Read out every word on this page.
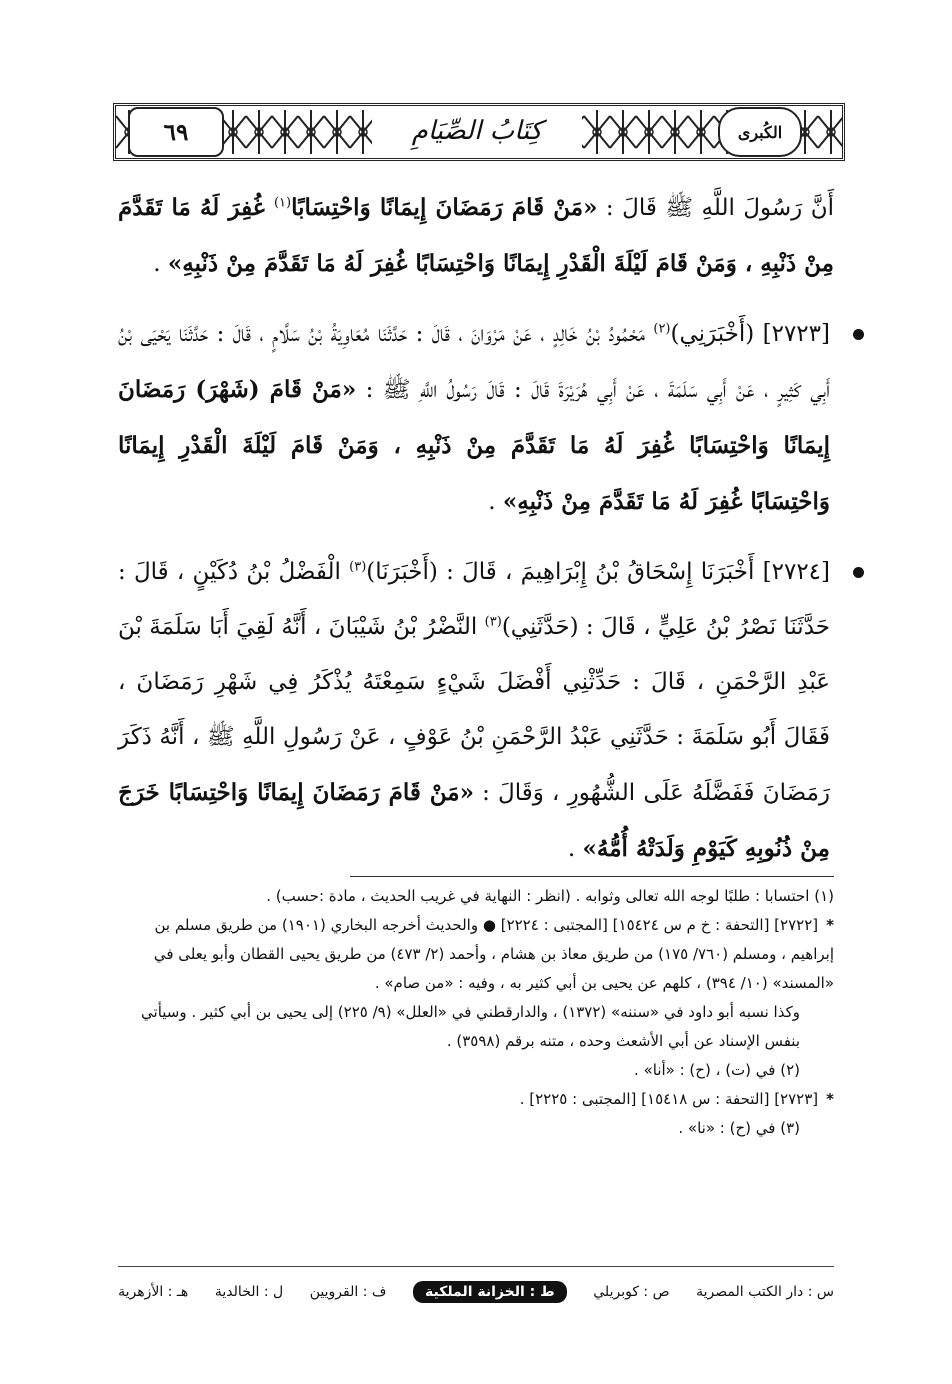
٦٩	كِتَابُ الصِّيَامِ	الكُبرى

أَنَّ رَسُولَ اللَّهِ ﷺ قَالَ : «مَنْ قَامَ رَمَضَانَ إِيمَانًا وَاحْتِسَابًا$^{(١)}$ غُفِرَ لَهُ مَا تَقَدَّمَ مِنْ ذَنْبِهِ ، وَمَنْ قَامَ لَيْلَةَ الْقَدْرِ إِيمَانًا وَاحْتِسَابًا غُفِرَ لَهُ مَا تَقَدَّمَ مِنْ ذَنْبِهِ» .

[٢٧٢٣] (أَخْبَرَنِي)$^{(٢)}$ مَحْمُودُ بْنُ خَالِدٍ ، عَنْ مَرْوَانَ ، قَالَ : حَدَّثَنَا مُعَاوِيَةُ بْنُ سَلَّامٍ ، قَالَ : حَدَّثَنَا يَحْيَى بْنُ أَبِي كَثِيرٍ ، عَنْ أَبِي سَلَمَةَ ، عَنْ أَبِي هُرَيْرَةَ قَالَ : قَالَ رَسُولُ اللَّهِ ﷺ : «مَنْ قَامَ (شَهْرَ) رَمَضَانَ إِيمَانًا وَاحْتِسَابًا غُفِرَ لَهُ مَا تَقَدَّمَ مِنْ ذَنْبِهِ ، وَمَنْ قَامَ لَيْلَةَ الْقَدْرِ إِيمَانًا وَاحْتِسَابًا غُفِرَ لَهُ مَا تَقَدَّمَ مِنْ ذَنْبِهِ» .

[٢٧٢٤] أَخْبَرَنَا إِسْحَاقُ بْنُ إِبْرَاهِيمَ ، قَالَ : (أَخْبَرَنَا)$^{(٣)}$ الْفَضْلُ بْنُ دُكَيْنٍ ، قَالَ : حَدَّثَنَا نَصْرُ بْنُ عَلِيٍّ ، قَالَ : (حَدَّثَنِي)$^{(٣)}$ النَّضْرُ بْنُ شَيْبَانَ ، أَنَّهُ لَقِيَ أَبَا سَلَمَةَ بْنَ عَبْدِ الرَّحْمَنِ ، قَالَ : حَدِّثْنِي أَفْضَلَ شَيْءٍ سَمِعْتَهُ يُذْكَرُ فِي شَهْرِ رَمَضَانَ ، فَقَالَ أَبُو سَلَمَةَ : حَدَّثَنِي عَبْدُ الرَّحْمَنِ بْنُ عَوْفٍ ، عَنْ رَسُولِ اللَّهِ ﷺ ، أَنَّهُ ذَكَرَ رَمَضَانَ فَفَضَّلَهُ عَلَى الشُّهُورِ ، وَقَالَ : «مَنْ قَامَ رَمَضَانَ إِيمَانًا وَاحْتِسَابًا خَرَجَ مِنْ ذُنُوبِهِ كَيَوْمِ وَلَدَتْهُ أُمُّهُ» .

(١) احتسابا : طلبًا لوجه الله تعالى وثوابه . (انظر : النهاية في غريب الحديث ، مادة :حسب) .

*[٢٧٢٢] [التحفة : خ م س ١٥٤٢٤] [المجتبى : ٢٢٢٤] ● والحديث أخرجه البخاري (١٩٠١) من طريق مسلم بن إبراهيم ، ومسلم (٧٦٠/ ١٧٥) من طريق معاذ بن هشام ، وأحمد (٢/ ٤٧٣) من طريق يحيى القطان وأبو يعلى في «المسند» (١٠/ ٣٩٤) ، كلهم عن يحيى بن أبي كثير به ، وفيه : «من صام» .

وكذا نسبه أبو داود في «سننه» (١٣٧٢) ، والدارقطني في «العلل» (٩/ ٢٢٥) إلى يحيى بن أبي كثير . وسيأتي بنفس الإسناد عن أبي الأشعث وحده ، متنه برقم (٣٥٩٨) .

(٢) في (ت) ، (ح) : «أنا» .

*[٢٧٢٣] [التحفة : س ١٥٤١٨] [المجتبى : ٢٢٢٥] .

(٣) في (ح) : «نا» .

س : دار الكتب المصرية
ص : كوبريلي
ط : الخزانة الملكية
ف : القرويين
ل : الخالدية
هـ : الأزهرية
